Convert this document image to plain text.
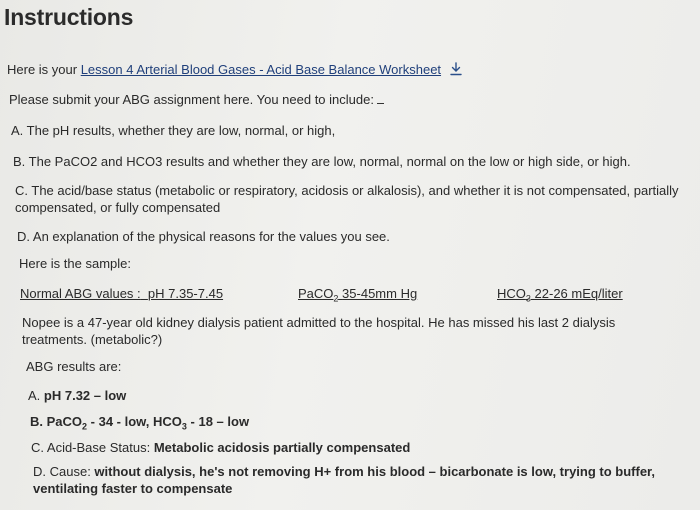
Instructions
Here is your Lesson 4 Arterial Blood Gases - Acid Base Balance Worksheet
Please submit your ABG assignment here. You need to include:
A. The pH results, whether they are low, normal, or high,
B. The PaCO2 and HCO3 results and whether they are low, normal, normal on the low or high side, or high.
C. The acid/base status (metabolic or respiratory, acidosis or alkalosis), and whether it is not compensated, partially compensated, or fully compensated
D. An explanation of the physical reasons for the values you see.
Here is the sample:
Normal ABG values : pH 7.35-7.45	PaCO$_2$ 35-45mm Hg	$HCO_3$ 22-26 mEq/liter
Nopee is a 47-year old kidney dialysis patient admitted to the hospital. He has missed his last 2 dialysis treatments. (metabolic?)
ABG results are:
A. pH 7.32 – low
B. PaCO$_2$ - 34 - low, $HCO_3 - 18$ – low
C. Acid-Base Status: Metabolic acidosis partially compensated
D. Cause: without dialysis, he's not removing H+ from his blood – bicarbonate is low, trying to buffer, ventilating faster to compensate
